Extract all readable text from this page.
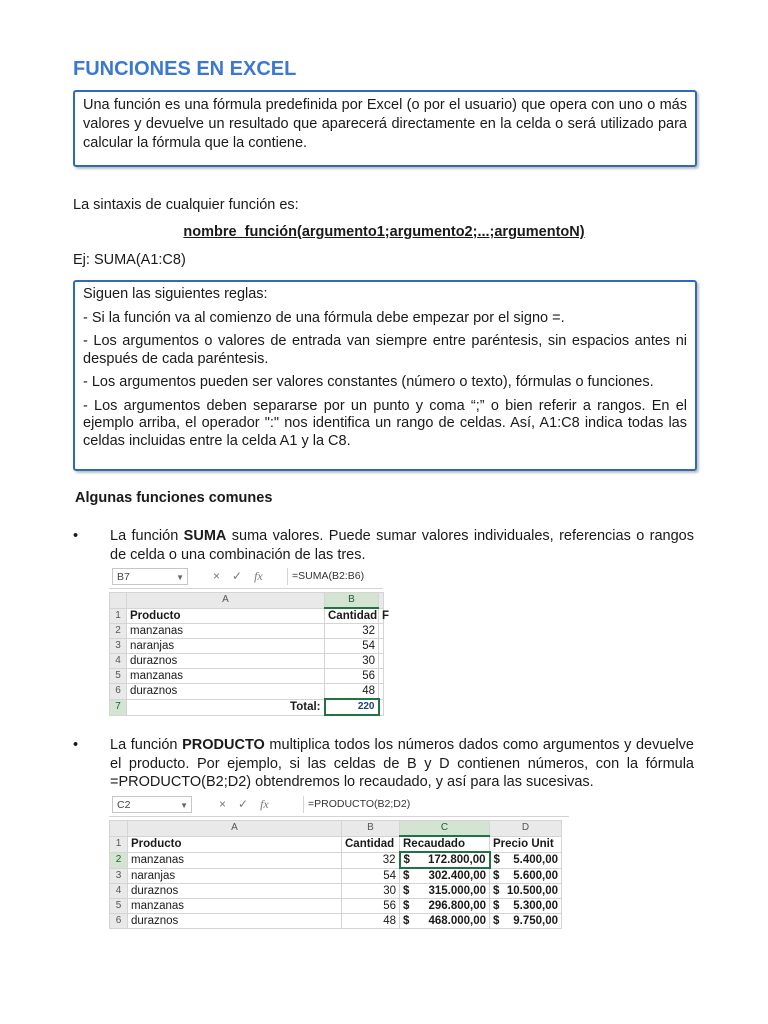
FUNCIONES EN EXCEL

Una función es una fórmula predefinida por Excel (o por el usuario) que opera con uno o más valores y devuelve un resultado que aparecerá directamente en la celda o será utilizado para calcular la fórmula que la contiene.

La sintaxis de cualquier función es:
nombre_función(argumento1;argumento2;...;argumentoN)
Ej: SUMA(A1:C8)

Siguen las siguientes reglas:

- Si la función va al comienzo de una fórmula debe empezar por el signo =.

- Los argumentos o valores de entrada van siempre entre paréntesis, sin espacios antes ni después de cada paréntesis.

- Los argumentos pueden ser valores constantes (número o texto), fórmulas o funciones.

- Los argumentos deben separarse por un punto y coma “;” o bien referir a rangos. En el ejemplo arriba, el operador ":" nos identifica un rango de celdas. Así, A1:C8 indica todas las celdas incluidas entre la celda A1 y la C8.

Algunas funciones comunes
• La función SUMA suma valores. Puede sumar valores individuales, referencias o rangos de celda o una combinación de las tres.
B7	▼ × ✓ fx	=SUMA(B2:B6)
	A	B	
1	Producto	Cantidad	F
2	manzanas	32	
3	naranjas	54	
4	duraznos	30	
5	manzanas	56	
6	duraznos	48	
7	Total:	220	
• La función PRODUCTO multiplica todos los números dados como argumentos y devuelve el producto. Por ejemplo, si las celdas de B y D contienen números, con la fórmula =PRODUCTO(B2;D2) obtendremos lo recaudado, y así para las sucesivas.
C2	▼	× ✓ fx	=PRODUCTO(B2;D2)
	A	B	C	D
1	Producto	Cantidad	Recaudado	Precio Unit
2	manzanas	32	$ 172.800,00	$ 5.400,00

3	naranjas	54	$ 302.400,00	$ 5.600,00

4	duraznos	30	$ 315.000,00	$ 10.500,00

5	manzanas	56	$ 296.800,00	$ 5.300,00

6	duraznos	48	$ 468.000,00	$ 9.750,00
